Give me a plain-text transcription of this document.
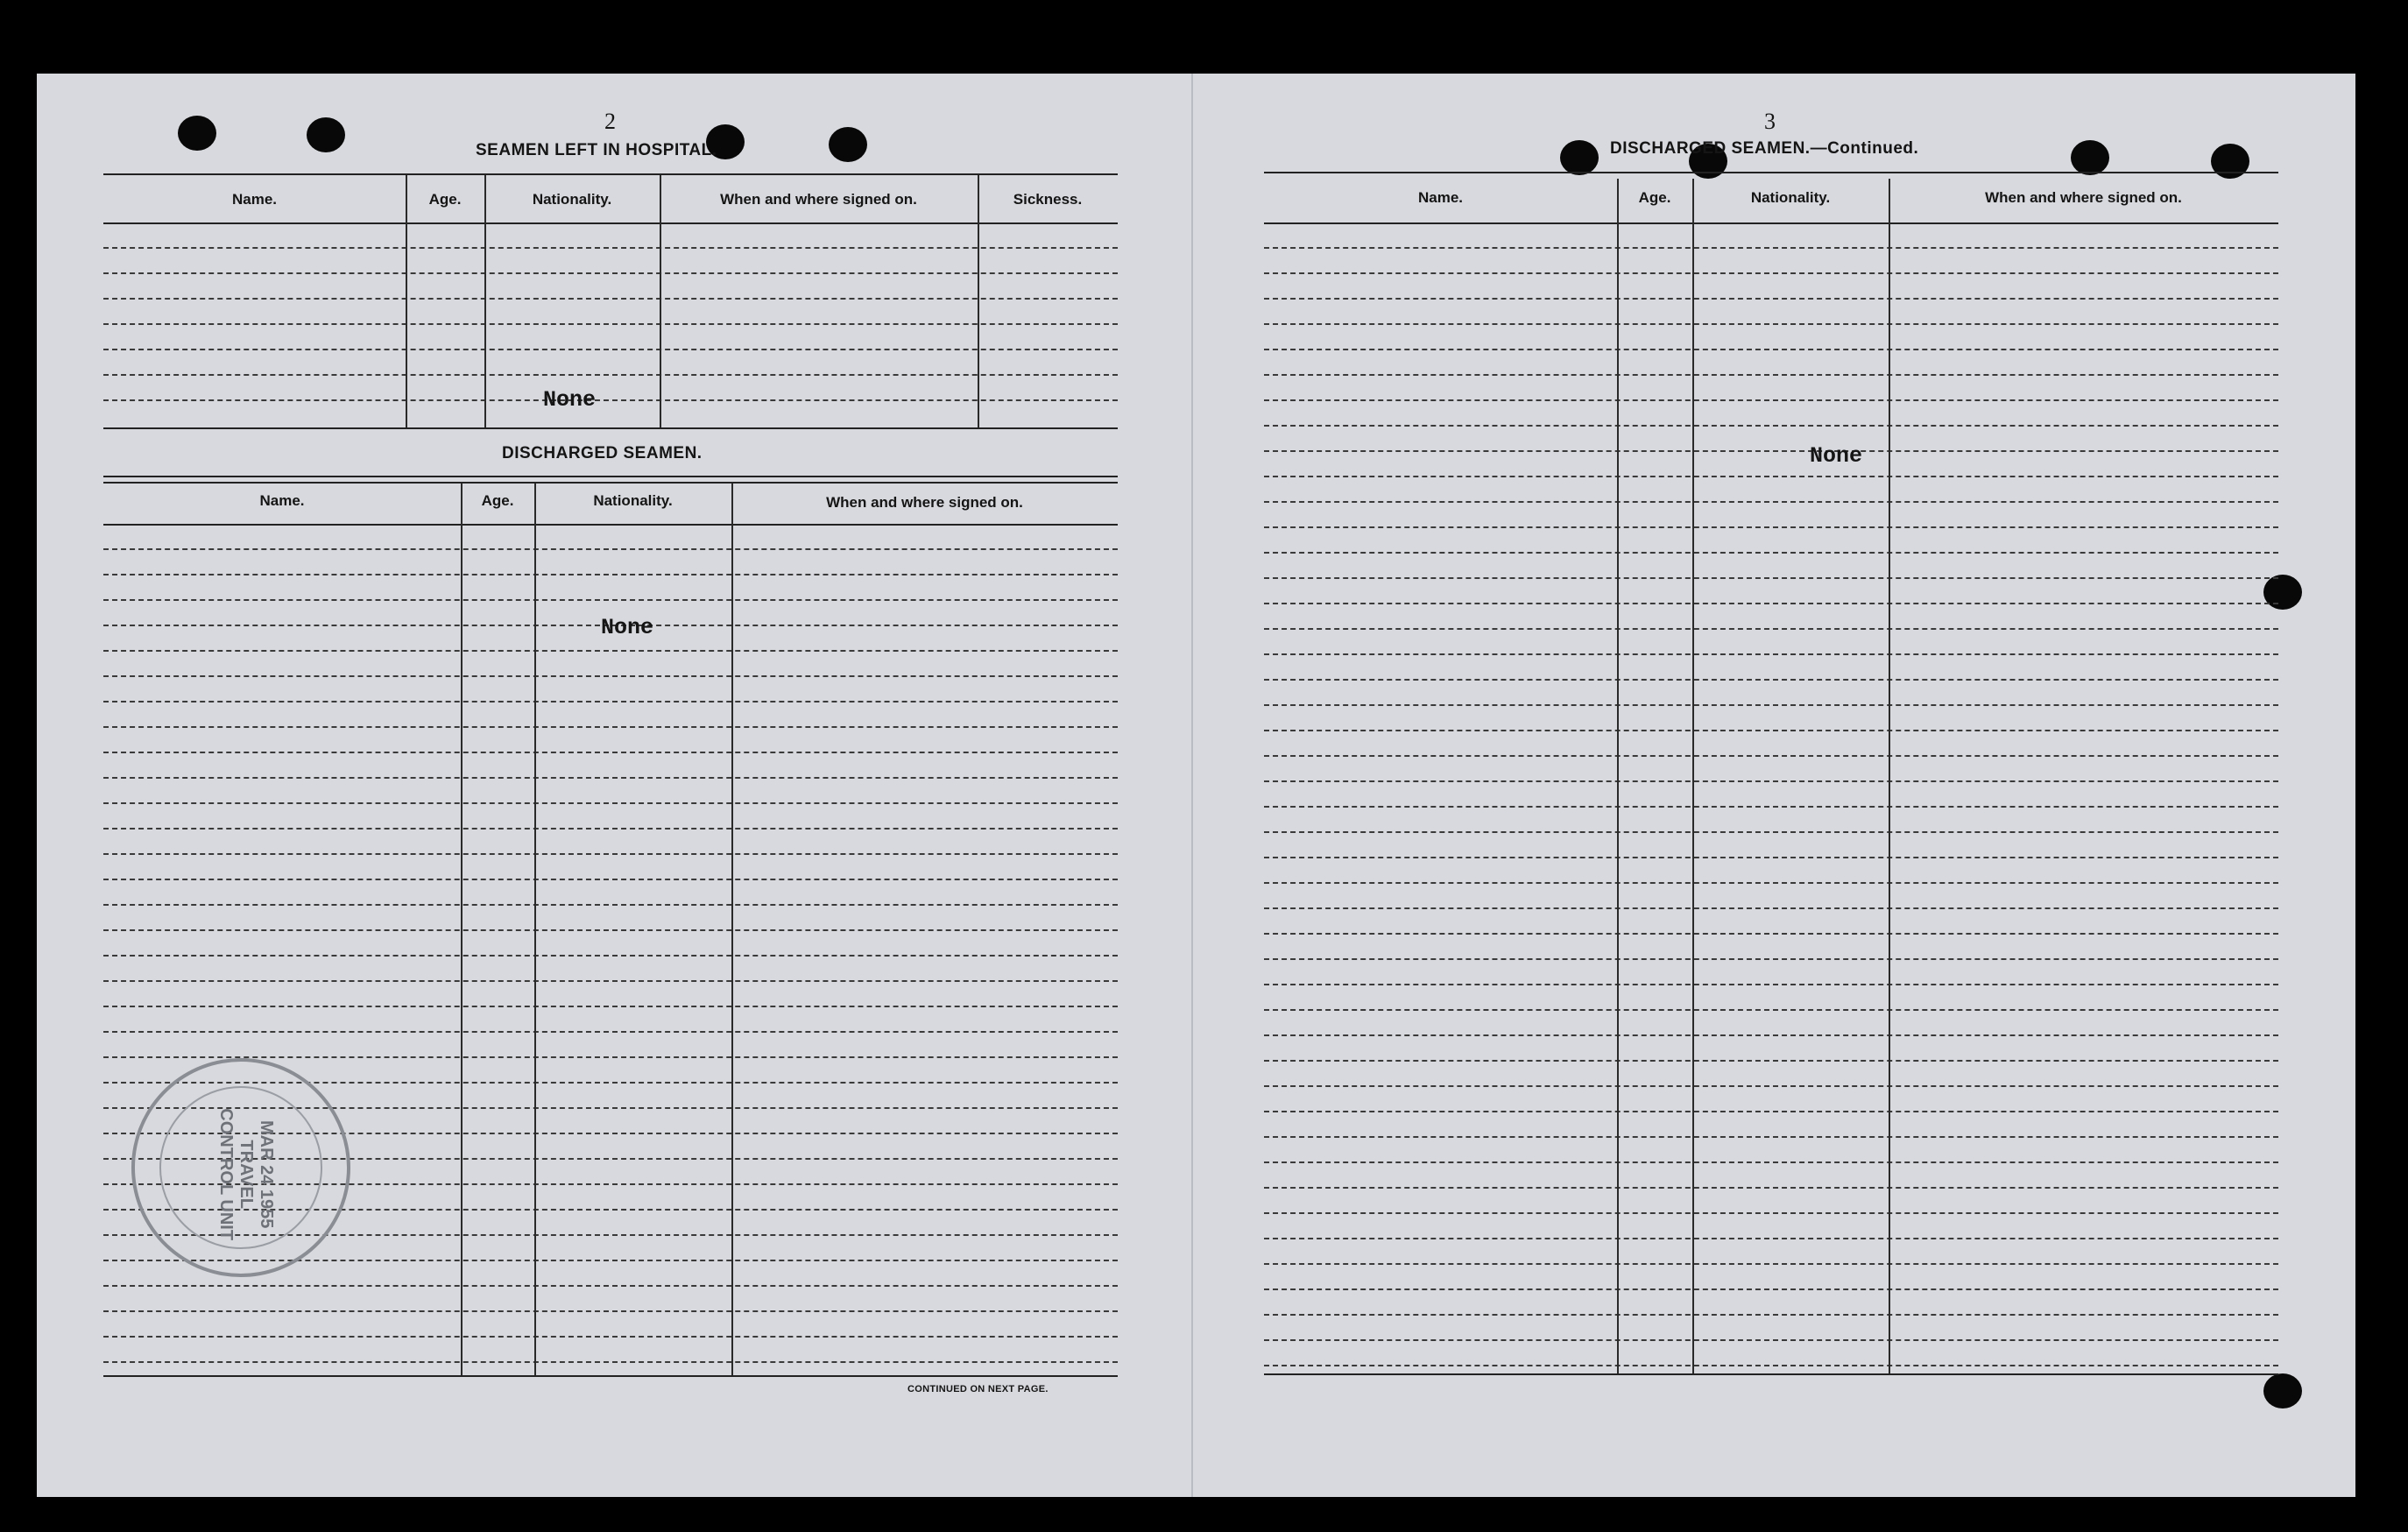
2
SEAMEN LEFT IN HOSPITAL.
Name.	Age.	Nationality.	When and where signed on.	Sickness.
None
DISCHARGED SEAMEN.
Name.	Age.	Nationality.	When and where signed on.
None
CONTINUED ON NEXT PAGE.
MAR 24 1955 TRAVEL CONTROL UNIT
3
DISCHARGED SEAMEN.—Continued.
Name.	Age.	Nationality.	When and where signed on.
None
